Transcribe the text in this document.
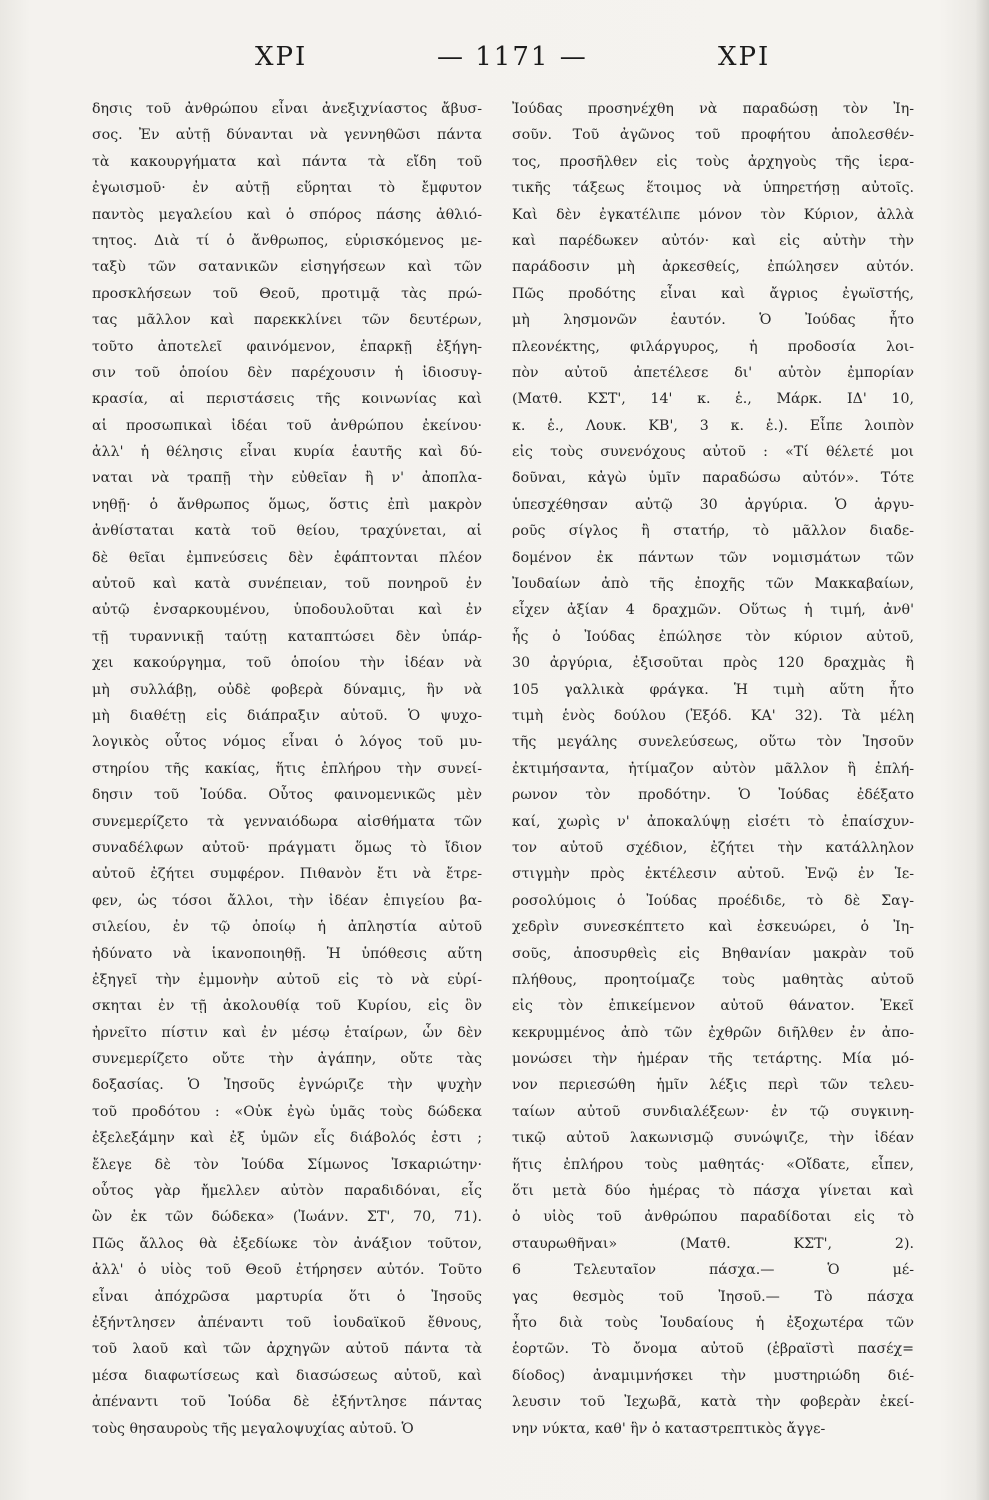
ΧΡΙ	— 1171 —	ΧΡΙ
δησις τοῦ ἀνθρώπου εἶναι ἀνεξιχνίαστος ἄβυσ-
σος. Ἐν αὐτῇ δύνανται νὰ γεννηθῶσι πάντα
τὰ κακουργήματα καὶ πάντα τὰ εἴδη τοῦ
ἐγωισμοῦ· ἐν αὐτῇ εὕρηται τὸ ἔμφυτον
παντὸς μεγαλείου καὶ ὁ σπόρος πάσης ἀθλιό-
τητος. Διὰ τί ὁ ἄνθρωπος, εὑρισκόμενος με-
ταξὺ τῶν σατανικῶν εἰσηγήσεων καὶ τῶν
προσκλήσεων τοῦ Θεοῦ, προτιμᾷ τὰς πρώ-
τας μᾶλλον καὶ παρεκκλίνει τῶν δευτέρων,
τοῦτο ἀποτελεῖ φαινόμενον, ἐπαρκῇ ἐξήγη-
σιν τοῦ ὁποίου δὲν παρέχουσιν ἡ ἰδιοσυγ-
κρασία, αἱ περιστάσεις τῆς κοινωνίας καὶ
αἱ προσωπικαὶ ἰδέαι τοῦ ἀνθρώπου ἐκείνου·
ἀλλ' ἡ θέλησις εἶναι κυρία ἑαυτῆς καὶ δύ-
ναται νὰ τραπῇ τὴν εὐθεῖαν ἢ ν' ἀποπλα-
νηθῇ· ὁ ἄνθρωπος ὅμως, ὅστις ἐπὶ μακρὸν
ἀνθίσταται κατὰ τοῦ θείου, τραχύνεται, αἱ
δὲ θεῖαι ἐμπνεύσεις δὲν ἐφάπτονται πλέον
αὐτοῦ καὶ κατὰ συνέπειαν, τοῦ πονηροῦ ἐν
αὐτῷ ἐνσαρκουμένου, ὑποδουλοῦται καὶ ἐν
τῇ τυραννικῇ ταύτῃ καταπτώσει δὲν ὑπάρ-
χει κακούργημα, τοῦ ὁποίου τὴν ἰδέαν νὰ
μὴ συλλάβῃ, οὐδὲ φοβερὰ δύναμις, ἣν νὰ
μὴ διαθέτῃ εἰς διάπραξιν αὐτοῦ. Ὁ ψυχο-
λογικὸς οὗτος νόμος εἶναι ὁ λόγος τοῦ μυ-
στηρίου τῆς κακίας, ἥτις ἐπλήρου τὴν συνεί-
δησιν τοῦ Ἰούδα. Οὗτος φαινομενικῶς μὲν
συνεμερίζετο τὰ γενναιόδωρα αἰσθήματα τῶν
συναδέλφων αὐτοῦ· πράγματι ὅμως τὸ ἴδιον
αὐτοῦ ἐζήτει συμφέρον. Πιθανὸν ἔτι νὰ ἔτρε-
φεν, ὡς τόσοι ἄλλοι, τὴν ἰδέαν ἐπιγείου βα-
σιλείου, ἐν τῷ ὁποίῳ ἡ ἀπληστία αὐτοῦ
ἠδύνατο νὰ ἱκανοποιηθῇ. Ἡ ὑπόθεσις αὕτη
ἐξηγεῖ τὴν ἐμμονὴν αὐτοῦ εἰς τὸ νὰ εὑρί-
σκηται ἐν τῇ ἀκολουθίᾳ τοῦ Κυρίου, εἰς ὃν
ἠρνεῖτο πίστιν καὶ ἐν μέσῳ ἑταίρων, ὧν δὲν
συνεμερίζετο οὔτε τὴν ἀγάπην, οὔτε τὰς
δοξασίας. Ὁ Ἰησοῦς ἐγνώριζε τὴν ψυχὴν
τοῦ προδότου : «Οὐκ ἐγὼ ὑμᾶς τοὺς δώδεκα
ἐξελεξάμην καὶ ἐξ ὑμῶν εἷς διάβολός ἐστι ;
ἔλεγε δὲ τὸν Ἰούδα Σίμωνος Ἰσκαριώτην·
οὗτος γὰρ ἤμελλεν αὐτὸν παραδιδόναι, εἷς
ὢν ἐκ τῶν δώδεκα» (Ἰωάνν. ΣΤ', 70, 71).
Πῶς ἄλλος θὰ ἐξεδίωκε τὸν ἀνάξιον τοῦτον,
ἀλλ' ὁ υἱὸς τοῦ Θεοῦ ἐτήρησεν αὐτόν. Τοῦτο
εἶναι ἀπόχρῶσα μαρτυρία ὅτι ὁ Ἰησοῦς
ἐξήντλησεν ἀπέναντι τοῦ ἰουδαϊκοῦ ἔθνους,
τοῦ λαοῦ καὶ τῶν ἀρχηγῶν αὐτοῦ πάντα τὰ
μέσα διαφωτίσεως καὶ διασώσεως αὐτοῦ, καὶ
ἀπέναντι τοῦ Ἰούδα δὲ ἐξήντλησε πάντας
τοὺς θησαυροὺς τῆς μεγαλοψυχίας αὐτοῦ. Ὁ
Ἰούδας προσηνέχθη νὰ παραδώσῃ τὸν Ἰη-
σοῦν. Τοῦ ἀγῶνος τοῦ προφήτου ἀπολεσθέν-
τος, προσῆλθεν εἰς τοὺς ἀρχηγοὺς τῆς ἱερα-
τικῆς τάξεως ἕτοιμος νὰ ὑπηρετήσῃ αὐτοῖς.
Καὶ δὲν ἐγκατέλιπε μόνον τὸν Κύριον, ἀλλὰ
καὶ παρέδωκεν αὐτόν· καὶ εἰς αὐτὴν τὴν
παράδοσιν μὴ ἀρκεσθείς, ἐπώλησεν αὐτόν.
Πῶς προδότης εἶναι καὶ ἄγριος ἐγωϊστής,
μὴ λησμονῶν ἑαυτόν. Ὁ Ἰούδας ἦτο
πλεονέκτης, φιλάργυρος, ἡ προδοσία λοι-
πὸν αὐτοῦ ἀπετέλεσε δι' αὐτὸν ἐμπορίαν
(Ματθ. ΚΣΤ', 14' κ. ἑ., Μάρκ. ΙΔ' 10,
κ. ἑ., Λουκ. ΚΒ', 3 κ. ἑ.). Εἶπε λοιπὸν
εἰς τοὺς συνενόχους αὐτοῦ : «Τί θέλετέ μοι
δοῦναι, κἀγὼ ὑμῖν παραδώσω αὐτόν». Τότε
ὑπεσχέθησαν αὐτῷ 30 ἀργύρια. Ὁ ἀργυ-
ροῦς σίγλος ἢ στατήρ, τὸ μᾶλλον διαδε-
δομένον ἐκ πάντων τῶν νομισμάτων τῶν
Ἰουδαίων ἀπὸ τῆς ἐποχῆς τῶν Μακκαβαίων,
εἶχεν ἀξίαν 4 δραχμῶν. Οὕτως ἡ τιμή, ἀνθ'
ἧς ὁ Ἰούδας ἐπώλησε τὸν κύριον αὐτοῦ,
30 ἀργύρια, ἐξισοῦται πρὸς 120 δραχμὰς ἢ
105 γαλλικὰ φράγκα. Ἡ τιμὴ αὕτη ἦτο
τιμὴ ἑνὸς δούλου (Ἐξόδ. ΚΑ' 32). Τὰ μέλη
τῆς μεγάλης συνελεύσεως, οὕτω τὸν Ἰησοῦν
ἐκτιμήσαντα, ἠτίμαζον αὐτὸν μᾶλλον ἢ ἐπλή-
ρωνον τὸν προδότην. Ὁ Ἰούδας ἐδέξατο
καί, χωρὶς ν' ἀποκαλύψῃ εἰσέτι τὸ ἐπαίσχυν-
τον αὐτοῦ σχέδιον, ἐζήτει τὴν κατάλληλον
στιγμὴν πρὸς ἐκτέλεσιν αὐτοῦ. Ἐνῷ ἐν Ἱε-
ροσολύμοις ὁ Ἰούδας προέδιδε, τὸ δὲ Σαγ-
χεδρὶν συνεσκέπτετο καὶ ἐσκευώρει, ὁ Ἰη-
σοῦς, ἀποσυρθεὶς εἰς Βηθανίαν μακρὰν τοῦ
πλήθους, προητοίμαζε τοὺς μαθητὰς αὐτοῦ
εἰς τὸν ἐπικείμενον αὐτοῦ θάνατον. Ἐκεῖ
κεκρυμμένος ἀπὸ τῶν ἐχθρῶν διῆλθεν ἐν ἀπο-
μονώσει τὴν ἡμέραν τῆς τετάρτης. Μία μό-
νον περιεσώθη ἡμῖν λέξις περὶ τῶν τελευ-
ταίων αὐτοῦ συνδιαλέξεων· ἐν τῷ συγκινη-
τικῷ αὐτοῦ λακωνισμῷ συνώψιζε, τὴν ἰδέαν
ἥτις ἐπλήρου τοὺς μαθητάς· «Οἴδατε, εἶπεν,
ὅτι μετὰ δύο ἡμέρας τὸ πάσχα γίνεται καὶ
ὁ υἱὸς τοῦ ἀνθρώπου παραδίδοται εἰς τὸ
σταυρωθῆναι» (Ματθ. ΚΣΤ', 2).
6 Τελευταῖον πάσχα.— Ὁ μέ-
γας θεσμὸς τοῦ Ἰησοῦ.— Τὸ πάσχα
ἦτο διὰ τοὺς Ἰουδαίους ἡ ἐξοχωτέρα τῶν
ἑορτῶν. Τὸ ὄνομα αὐτοῦ (ἑβραϊστὶ πασέχ=
δίοδος) ἀναμιμνήσκει τὴν μυστηριώδη διέ-
λευσιν τοῦ Ἰεχωβᾶ, κατὰ τὴν φοβερὰν ἐκεί-
νην νύκτα, καθ' ἣν ὁ καταστρεπτικὸς ἄγγε-
